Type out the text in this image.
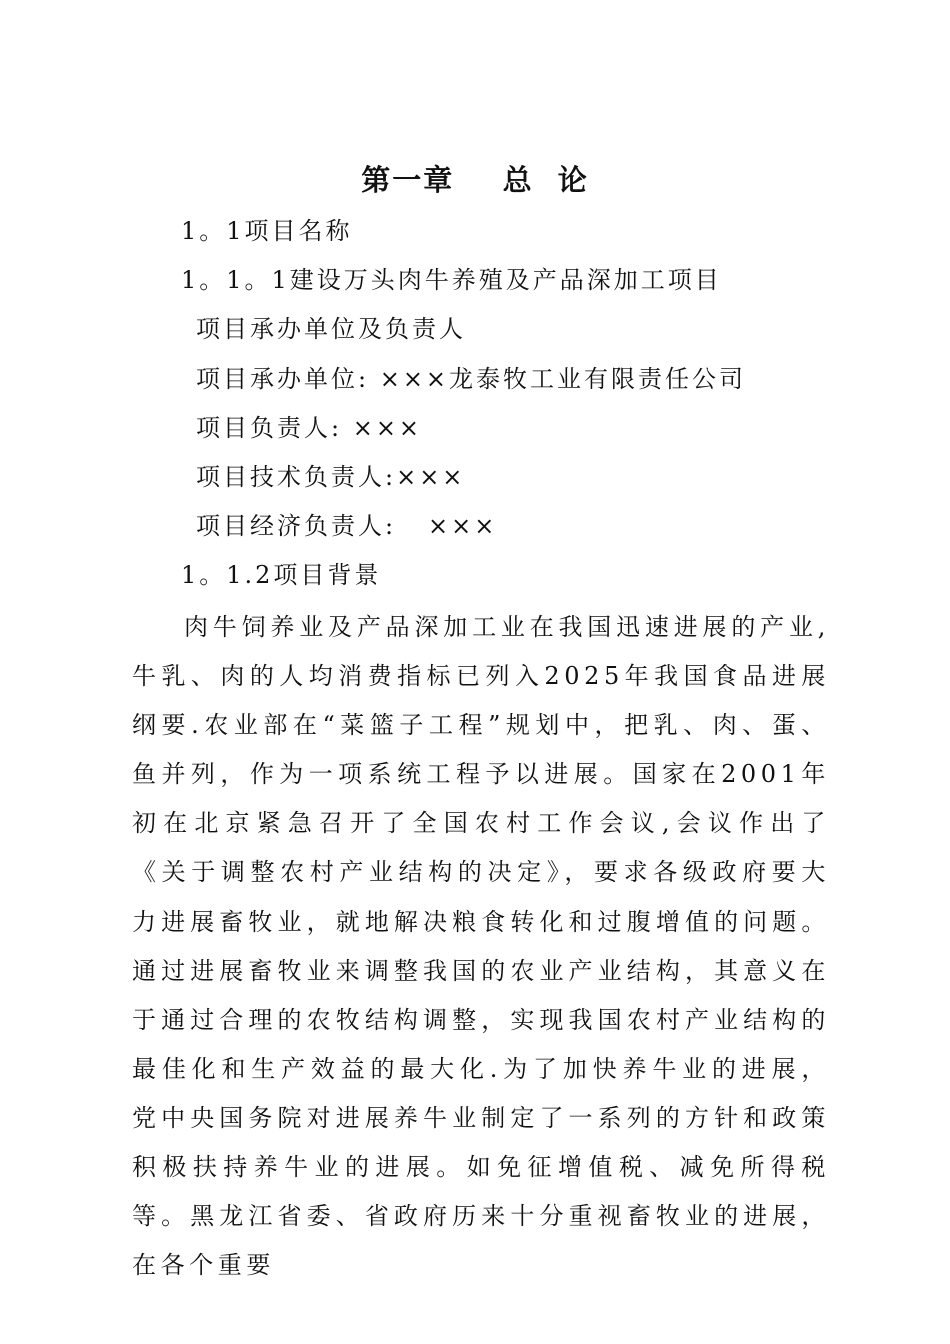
第一章    总  论

1。1项目名称

1。1。1建设万头肉牛养殖及产品深加工项目

项目承办单位及负责人

项目承办单位: ×××龙泰牧工业有限责任公司

项目负责人: ×××

项目技术负责人:×××

项目经济负责人:   ×××

1。1.2项目背景

肉牛饲养业及产品深加工业在我国迅速进展的产业,牛乳、肉的人均消费指标已列入2025年我国食品进展纲要.农业部在“菜篮子工程”规划中，把乳、肉、蛋、鱼并列，作为一项系统工程予以进展。国家在2001年初在北京紧急召开了全国农村工作会议,会议作出了《关于调整农村产业结构的决定》，要求各级政府要大力进展畜牧业，就地解决粮食转化和过腹增值的问题。通过进展畜牧业来调整我国的农业产业结构，其意义在于通过合理的农牧结构调整，实现我国农村产业结构的最佳化和生产效益的最大化.为了加快养牛业的进展，党中央国务院对进展养牛业制定了一系列的方针和政策积极扶持养牛业的进展。如免征增值税、减免所得税等。黑龙江省委、省政府历来十分重视畜牧业的进展，在各个重要
